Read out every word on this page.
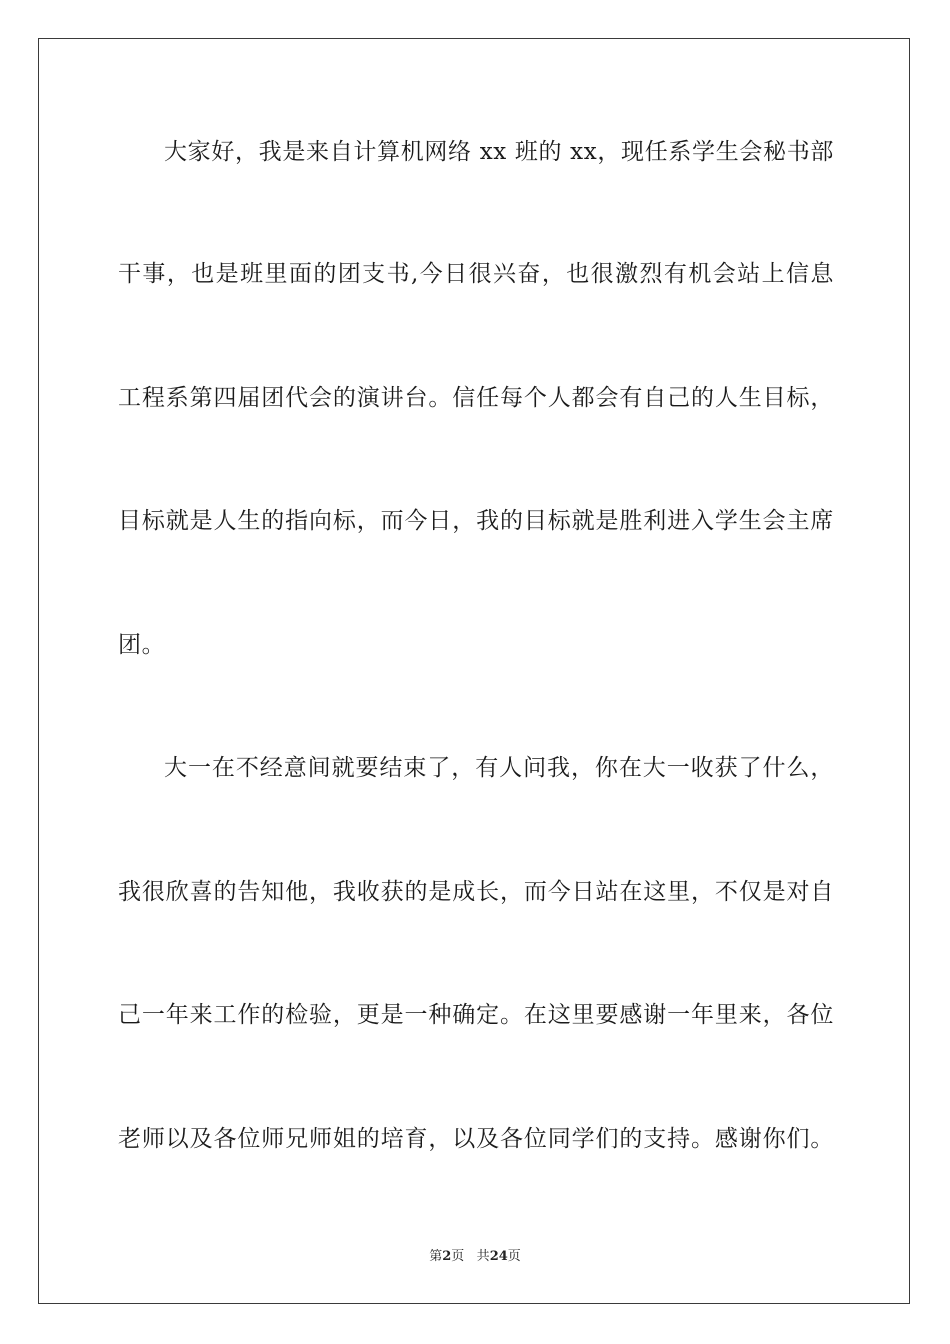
大家好，我是来自计算机网络 xx 班的 xx，现任系学生会秘书部
干事，也是班里面的团支书,今日很兴奋，也很激烈有机会站上信息
工程系第四届团代会的演讲台。信任每个人都会有自己的人生目标，
目标就是人生的指向标，而今日，我的目标就是胜利进入学生会主席
团。
大一在不经意间就要结束了，有人问我，你在大一收获了什么，
我很欣喜的告知他，我收获的是成长，而今日站在这里，不仅是对自
己一年来工作的检验，更是一种确定。在这里要感谢一年里来，各位
老师以及各位师兄师姐的培育，以及各位同学们的支持。感谢你们。
第2页 共24页
